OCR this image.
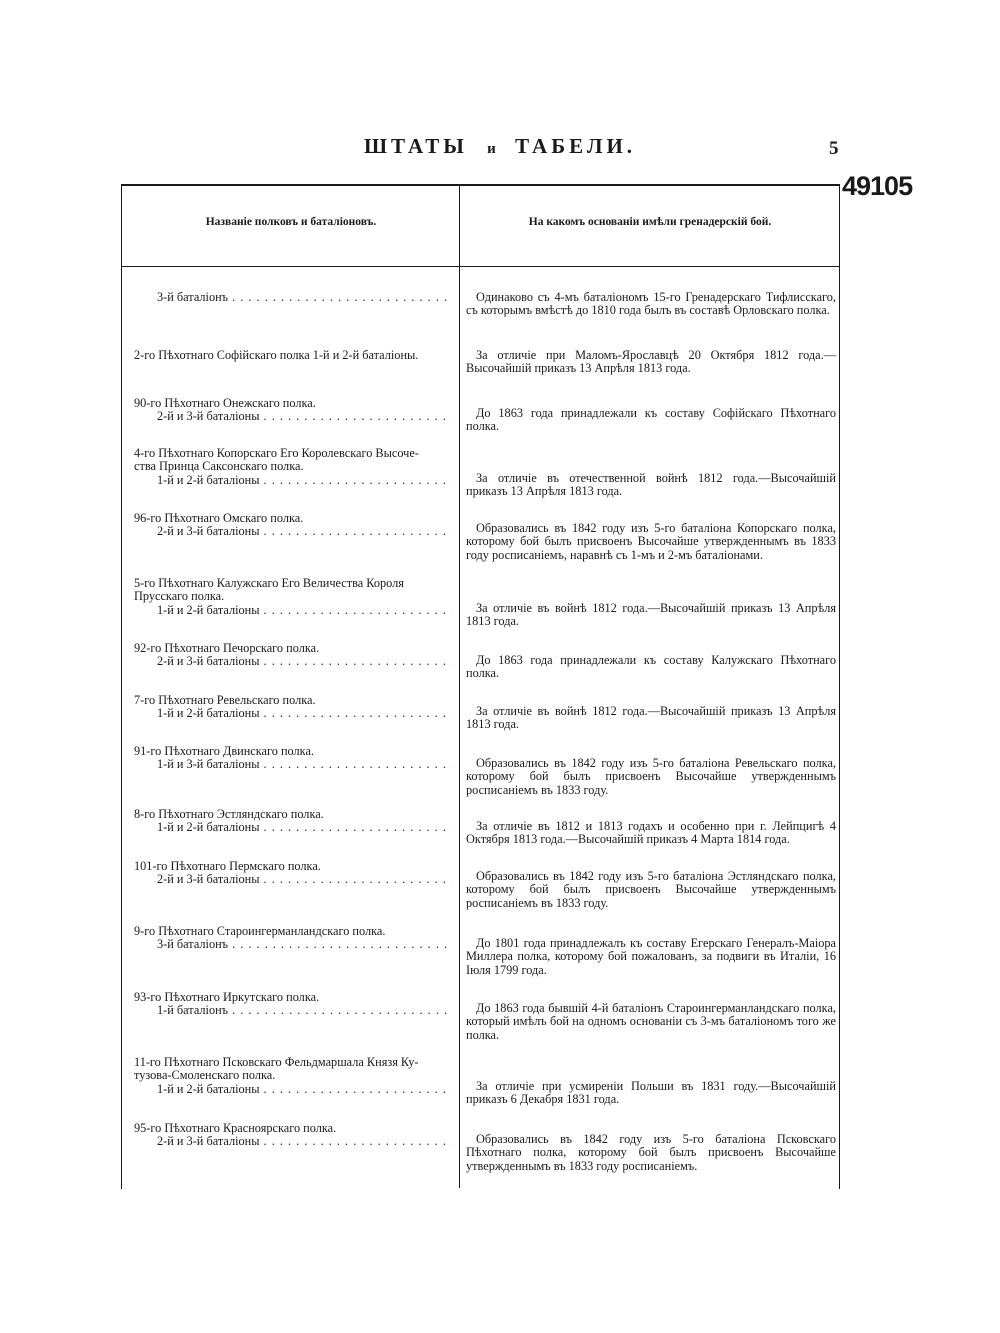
ШТАТЫ и ТАБЕЛИ.	5
49105
Названіе полковъ и баталіоновъ.	На какомъ основаніи имѣли гренадерскій бой.
3-й баталіонъ . . .	Одинаково съ 4-мъ баталіономъ 15-го Гренадерскаго Тифлисскаго, съ которымъ вмѣстѣ до 1810 года былъ въ составѣ Орловскаго полка.
2-го Пѣхотнаго Софійскаго полка 1-й и 2-й баталіоны.	За отличіе при Маломъ-Ярославцѣ 20 Октября 1812 года.— Высочайшій приказъ 13 Апрѣля 1813 года.
90-го Пѣхотнаго Онежскаго полка.
2-й и 3-й баталіоны . . .	До 1863 года принадлежали къ составу Софійскаго Пѣхотнаго полка.
4-го Пѣхотнаго Копорскаго Его Королевскаго Высоче-
ства Принца Саксонскаго полка.
1-й и 2-й баталіоны . . .	За отличіе въ отечественной войнѣ 1812 года.—Высочайшій приказъ 13 Апрѣля 1813 года.
96-го Пѣхотнаго Омскаго полка.
2-й и 3-й баталіоны . . .	Образовались въ 1842 году изъ 5-го баталіона Копорскаго полка, которому бой былъ присвоенъ Высочайше утвержденнымъ въ 1833 году росписаніемъ, наравнѣ съ 1-мъ и 2-мъ баталіонами.
5-го Пѣхотнаго Калужскаго Его Величества Короля
Прусскаго полка.
1-й и 2-й баталіоны . . .	За отличіе въ войнѣ 1812 года.—Высочайшій приказъ 13 Апрѣля 1813 года.
92-го Пѣхотнаго Печорскаго полка.
2-й и 3-й баталіоны . . .	До 1863 года принадлежали къ составу Калужскаго Пѣхотнаго полка.
7-го Пѣхотнаго Ревельскаго полка.
1-й и 2-й баталіоны . . .	За отличіе въ войнѣ 1812 года.—Высочайшій приказъ 13 Апрѣля 1813 года.
91-го Пѣхотнаго Двинскаго полка.
1-й и 3-й баталіоны . . .	Образовались въ 1842 году изъ 5-го баталіона Ревельскаго полка, которому бой былъ присвоенъ Высочайше утвержденнымъ росписаніемъ въ 1833 году.
8-го Пѣхотнаго Эстляндскаго полка.
1-й и 2-й баталіоны . . .	За отличіе въ 1812 и 1813 годахъ и особенно при г. Лейпцигѣ 4 Октября 1813 года.—Высочайшій приказъ 4 Марта 1814 года.
101-го Пѣхотнаго Пермскаго полка.
2-й и 3-й баталіоны . . .	Образовались въ 1842 году изъ 5-го баталіона Эстляндскаго полка, которому бой былъ присвоенъ Высочайше утвержденнымъ росписаніемъ въ 1833 году.
9-го Пѣхотнаго Староингерманландскаго полка.
3-й баталіонъ . . .	До 1801 года принадлежалъ къ составу Егерскаго Генералъ-Маіора Миллера полка, которому бой пожалованъ, за подвиги въ Италіи, 16 Іюля 1799 года.
93-го Пѣхотнаго Иркутскаго полка.
1-й баталіонъ . . .	До 1863 года бывшій 4-й баталіонъ Староингерманландскаго полка, который имѣлъ бой на одномъ основаніи съ 3-мъ баталіономъ того же полка.
11-го Пѣхотнаго Псковскаго Фельдмаршала Князя Ку-
тузова-Смоленскаго полка.
1-й и 2-й баталіоны . . .	За отличіе при усмиреніи Польши въ 1831 году.—Высочайшій приказъ 6 Декабря 1831 года.
95-го Пѣхотнаго Красноярскаго полка.
2-й и 3-й баталіоны . . .	Образовались въ 1842 году изъ 5-го баталіона Псковскаго Пѣхотнаго полка, которому бой былъ присвоенъ Высочайше утвержденнымъ въ 1833 году росписаніемъ.
